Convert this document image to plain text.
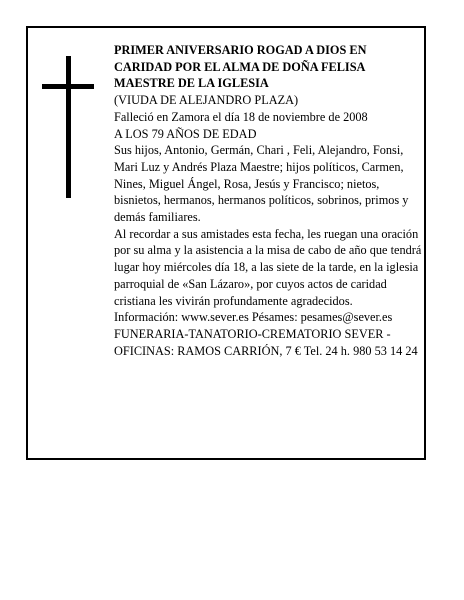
PRIMER ANIVERSARIO ROGAD A DIOS EN CARIDAD POR EL ALMA DE DOÑA FELISA MAESTRE DE LA IGLESIA

(VIUDA DE ALEJANDRO PLAZA)

Falleció en Zamora el día 18 de noviembre de 2008

A LOS 79 AÑOS DE EDAD

Sus hijos, Antonio, Germán, Chari , Feli, Alejandro, Fonsi, Mari Luz y Andrés Plaza Maestre; hijos políticos, Carmen, Nines, Miguel Ángel, Rosa, Jesús y Francisco; nietos, bisnietos, hermanos, hermanos políticos, sobrinos, primos y demás familiares.

Al recordar a sus amistades esta fecha, les ruegan una oración por su alma y la asistencia a la misa de cabo de año que tendrá lugar hoy miércoles día 18, a las siete de la tarde, en la iglesia parroquial de «San Lázaro», por cuyos actos de caridad cristiana les vivirán profundamente agradecidos.

Información: www.sever.es Pésames: pesames@sever.es

FUNERARIA-TANATORIO-CREMATORIO SEVER - OFICINAS: RAMOS CARRIÓN, 7 € Tel. 24 h. 980 53 14 24
